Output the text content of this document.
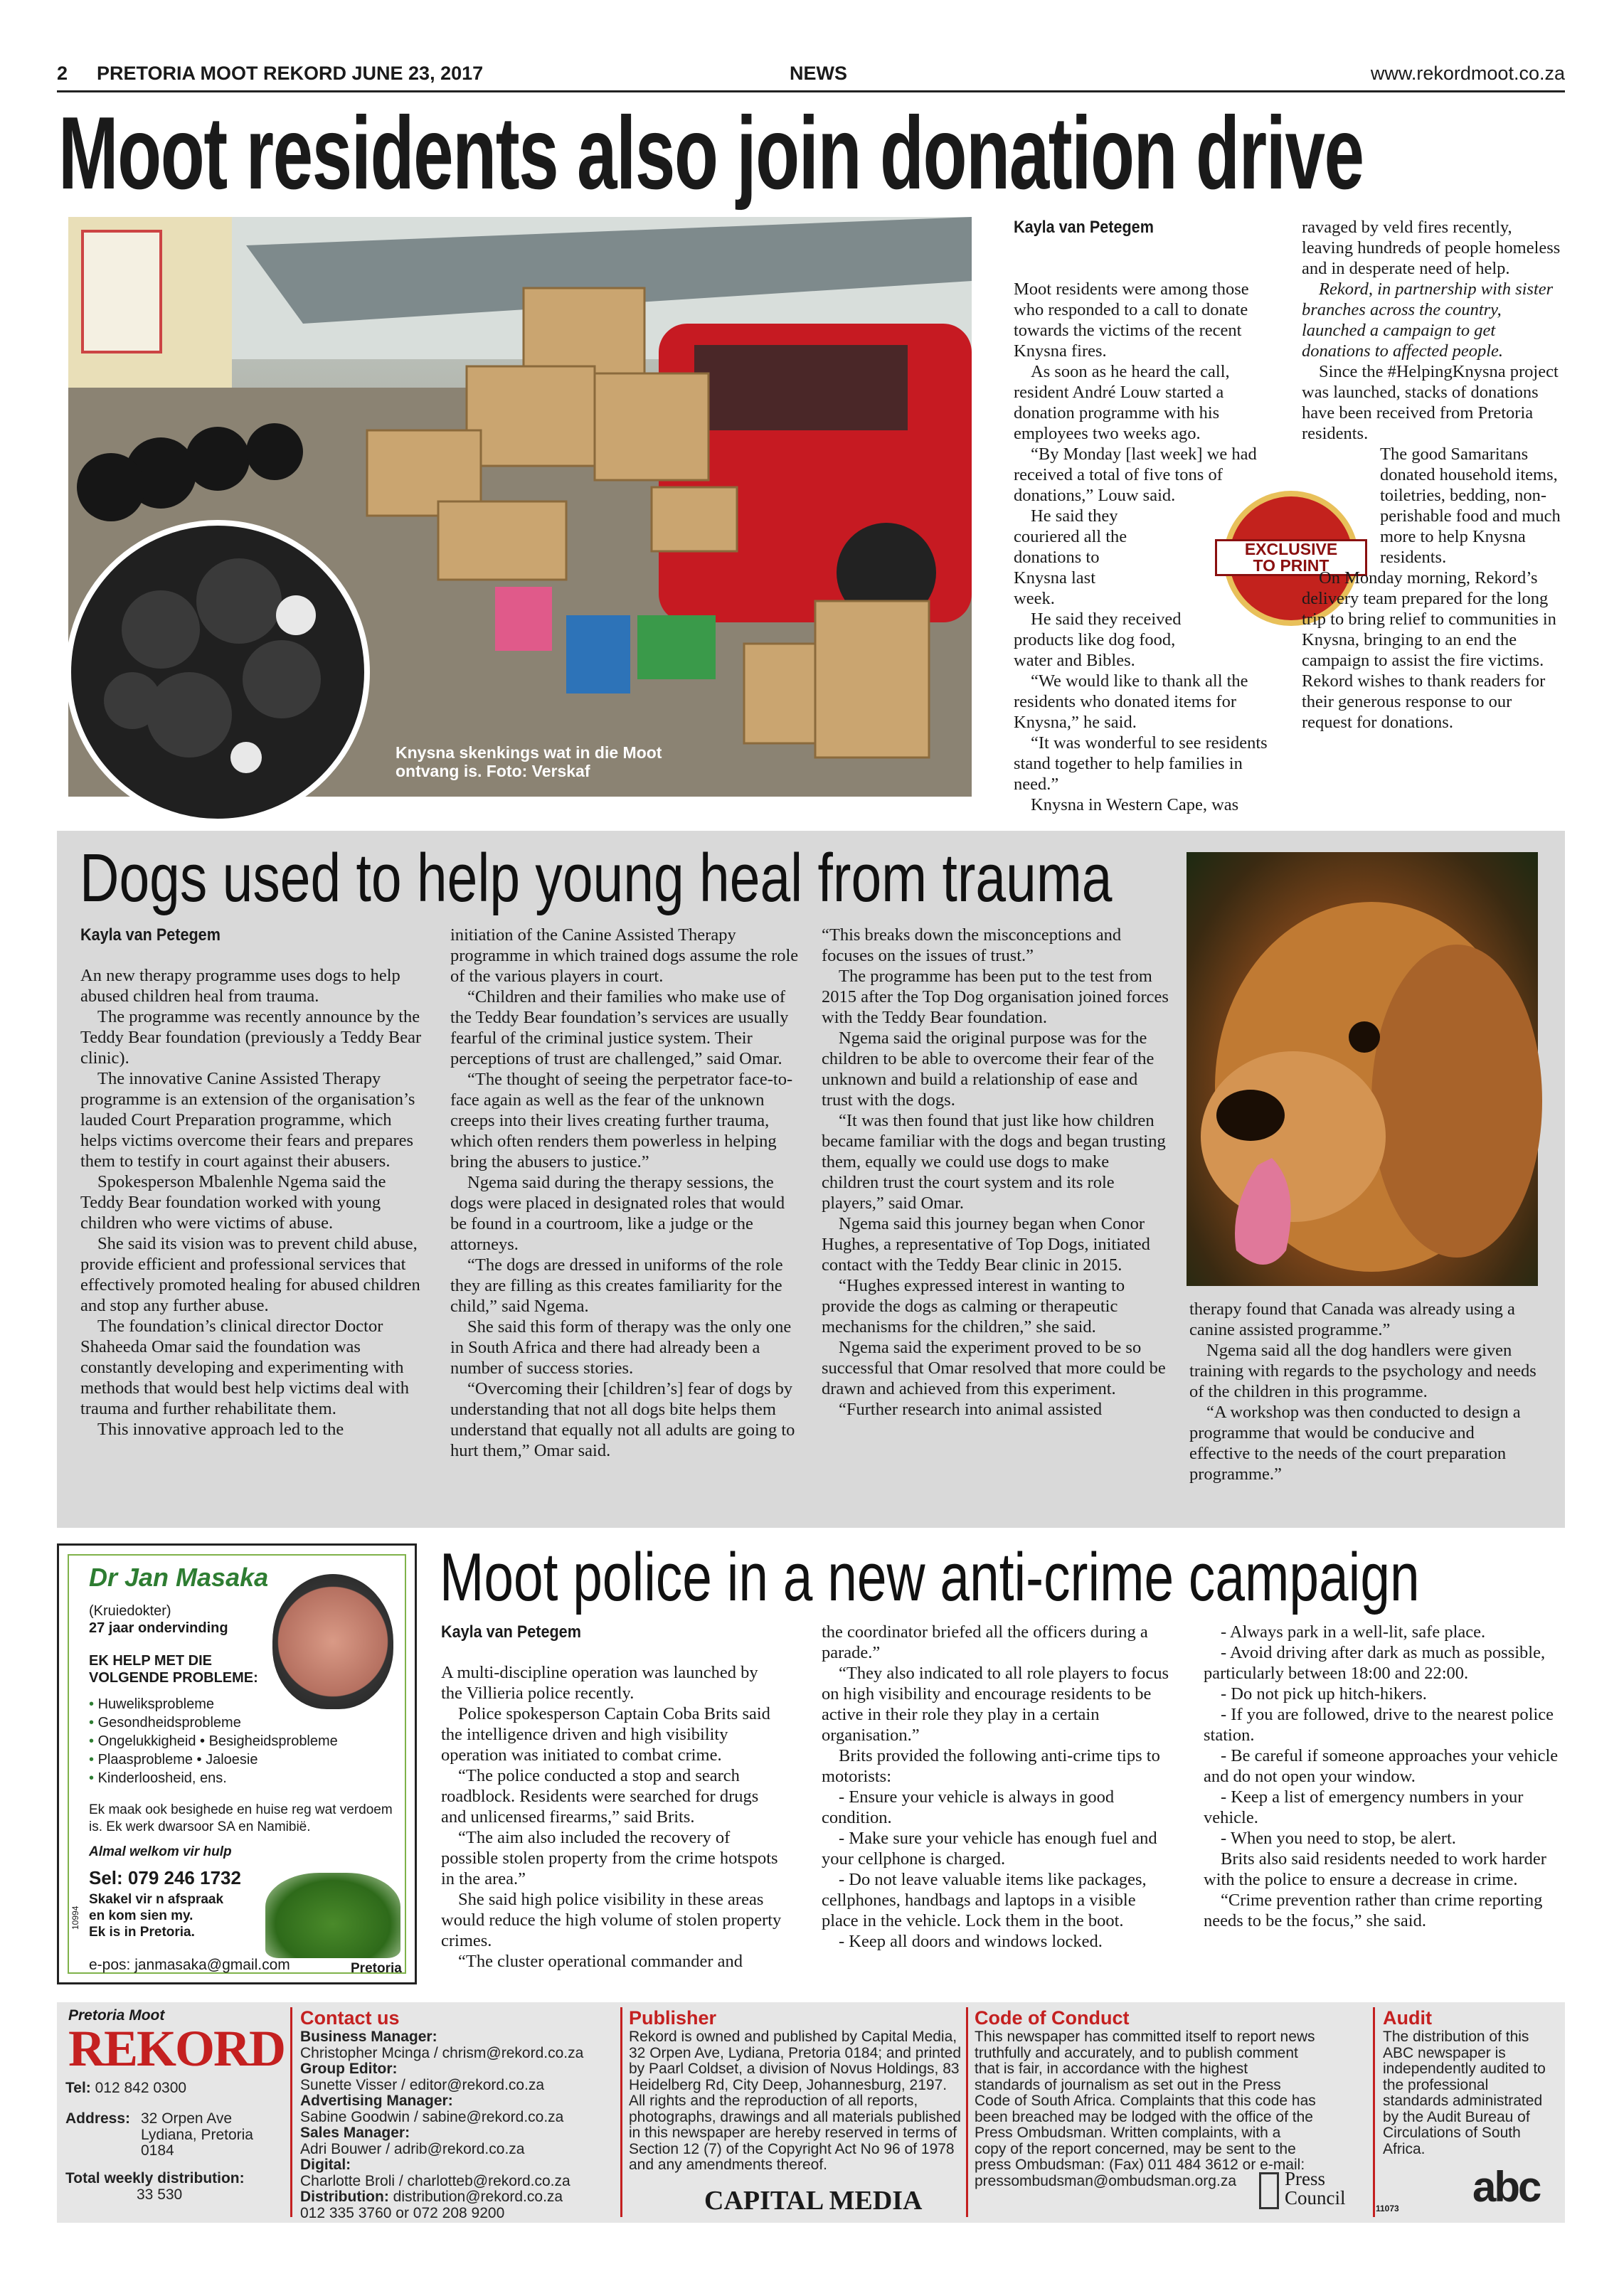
2 PRETORIA MOOT REKORD JUNE 23, 2017	NEWS	www.rekordmoot.co.za
Moot residents also join donation drive
Knysna skenkings wat in die Moot ontvang is. Foto: Verskaf
Kayla van Petegem

Moot residents were among those who responded to a call to donate towards the victims of the recent Knysna fires.

As soon as he heard the call, resident André Louw started a donation programme with his employees two weeks ago.

“By Monday [last week] we had received a total of five tons of donations,” Louw said.

He said they couriered all the donations to Knysna last week.

He said they received products like dog food, water and Bibles.

“We would like to thank all the residents who donated items for Knysna,” he said.

“It was wonderful to see residents stand together to help families in need.”

Knysna in Western Cape, was

EXCLUSIVE
TO PRINT

ravaged by veld fires recently, leaving hundreds of people homeless and in desperate need of help.

Rekord, in partnership with sister branches across the country, launched a campaign to get donations to affected people.

Since the #HelpingKnysna project was launched, stacks of donations have been received from Pretoria residents.

The good Samaritans donated household items, toiletries, bedding, non-perishable food and much more to help Knysna residents.

On Monday morning, Rekord’s delivery team prepared for the long trip to bring relief to communities in Knysna, bringing to an end the campaign to assist the fire victims. Rekord wishes to thank readers for their generous response to our request for donations.

Dogs used to help young heal from trauma
Kayla van Petegem

An new therapy programme uses dogs to help abused children heal from trauma.

The programme was recently announce by the Teddy Bear foundation (previously a Teddy Bear clinic).

The innovative Canine Assisted Therapy programme is an extension of the organisation’s lauded Court Preparation programme, which helps victims overcome their fears and prepares them to testify in court against their abusers.

Spokesperson Mbalenhle Ngema said the Teddy Bear foundation worked with young children who were victims of abuse.

She said its vision was to prevent child abuse, provide efficient and professional services that effectively promoted healing for abused children and stop any further abuse.

The foundation’s clinical director Doctor Shaheeda Omar said the foundation was constantly developing and experimenting with methods that would best help victims deal with trauma and further rehabilitate them.

This innovative approach led to the

initiation of the Canine Assisted Therapy programme in which trained dogs assume the role of the various players in court.

“Children and their families who make use of the Teddy Bear foundation’s services are usually fearful of the criminal justice system. Their perceptions of trust are challenged,” said Omar.

“The thought of seeing the perpetrator face-to-face again as well as the fear of the unknown creeps into their lives creating further trauma, which often renders them powerless in helping bring the abusers to justice.”

Ngema said during the therapy sessions, the dogs were placed in designated roles that would be found in a courtroom, like a judge or the attorneys.

“The dogs are dressed in uniforms of the role they are filling as this creates familiarity for the child,” said Ngema.

She said this form of therapy was the only one in South Africa and there had already been a number of success stories.

“Overcoming their [children’s] fear of dogs by understanding that not all dogs bite helps them understand that equally not all adults are going to hurt them,” Omar said.

“This breaks down the misconceptions and focuses on the issues of trust.”

The programme has been put to the test from 2015 after the Top Dog organisation joined forces with the Teddy Bear foundation.

Ngema said the original purpose was for the children to be able to overcome their fear of the unknown and build a relationship of ease and trust with the dogs.

“It was then found that just like how children became familiar with the dogs and began trusting them, equally we could use dogs to make children trust the court system and its role players,” said Omar.

Ngema said this journey began when Conor Hughes, a representative of Top Dogs, initiated contact with the Teddy Bear clinic in 2015.

“Hughes expressed interest in wanting to provide the dogs as calming or therapeutic mechanisms for the children,” she said.

Ngema said the experiment proved to be so successful that Omar resolved that more could be drawn and achieved from this experiment.

“Further research into animal assisted

therapy found that Canada was already using a canine assisted programme.”

Ngema said all the dog handlers were given training with regards to the psychology and needs of the children in this programme.

“A workshop was then conducted to design a programme that would be conducive and effective to the needs of the court preparation programme.”

Dr Jan Masaka
(Kruiedokter)
27 jaar ondervinding
EK HELP MET DIE
VOLGENDE PROBLEME:
• Huweliksprobleme
• Gesondheidsprobleme
• Ongelukkigheid • Besigheidsprobleme
• Plaasprobleme • Jaloesie
• Kinderloosheid, ens.
Ek maak ook besighede en huise reg wat verdoem is. Ek werk dwarsoor SA en Namibië.
Almal welkom vir hulp
Sel: 079 246 1732
Skakel vir n afspraak
en kom sien my.
Ek is in Pretoria.
e-pos: janmasaka@gmail.com	Pretoria
10994
Moot police in a new anti-crime campaign
Kayla van Petegem

A multi-discipline operation was launched by the Villieria police recently.

Police spokesperson Captain Coba Brits said the intelligence driven and high visibility operation was initiated to combat crime.

“The police conducted a stop and search roadblock. Residents were searched for drugs and unlicensed firearms,” said Brits.

“The aim also included the recovery of possible stolen property from the crime hotspots in the area.”

She said high police visibility in these areas would reduce the high volume of stolen property crimes.

“The cluster operational commander and

the coordinator briefed all the officers during a parade.”

“They also indicated to all role players to focus on high visibility and encourage residents to be active in their role they play in a certain organisation.”

Brits provided the following anti-crime tips to motorists:

- Ensure your vehicle is always in good condition.

- Make sure your vehicle has enough fuel and your cellphone is charged.

- Do not leave valuable items like packages, cellphones, handbags and laptops in a visible place in the vehicle. Lock them in the boot.

- Keep all doors and windows locked.

- Always park in a well-lit, safe place.

- Avoid driving after dark as much as possible, particularly between 18:00 and 22:00.

- Do not pick up hitch-hikers.

- If you are followed, drive to the nearest police station.

- Be careful if someone approaches your vehicle and do not open your window.

- Keep a list of emergency numbers in your vehicle.

- When you need to stop, be alert.

Brits also said residents needed to work harder with the police to ensure a decrease in crime.

“Crime prevention rather than crime reporting needs to be the focus,” she said.

Pretoria Moot
REKORD
Tel: 012 842 0300
Address: 32 Orpen Ave
Lydiana, Pretoria
0184
Total weekly distribution:
33 530
Contact us
Business Manager:
Christopher Mcinga / chrism@rekord.co.za
Group Editor:
Sunette Visser / editor@rekord.co.za
Advertising Manager:
Sabine Goodwin / sabine@rekord.co.za
Sales Manager:
Adri Bouwer / adrib@rekord.co.za
Digital:
Charlotte Broli / charlotteb@rekord.co.za
Distribution: distribution@rekord.co.za
012 335 3760 or 072 208 9200
Publisher
Rekord is owned and published by Capital Media, 32 Orpen Ave, Lydiana, Pretoria 0184; and printed by Paarl Coldset, a division of Novus Holdings, 83 Heidelberg Rd, City Deep, Johannesburg, 2197. All rights and the reproduction of all reports, photographs, drawings and all materials published in this newspaper are hereby reserved in terms of Section 12 (7) of the Copyright Act No 96 of 1978 and any amendments thereof.
CAPITAL MEDIA
Code of Conduct
This newspaper has committed itself to report news truthfully and accurately, and to publish comment that is fair, in accordance with the highest standards of journalism as set out in the Press Code of South Africa. Complaints that this code has been breached may be lodged with the office of the Press Ombudsman. Written complaints, with a copy of the report concerned, may be sent to the press Ombudsman: (Fax) 011 484 3612 or e-mail: pressombudsman@ombudsman.org.za	Press
Council
Audit
The distribution of this ABC newspaper is independently audited to the professional standards administrated by the Audit Bureau of Circulations of South Africa.
11073 abc
